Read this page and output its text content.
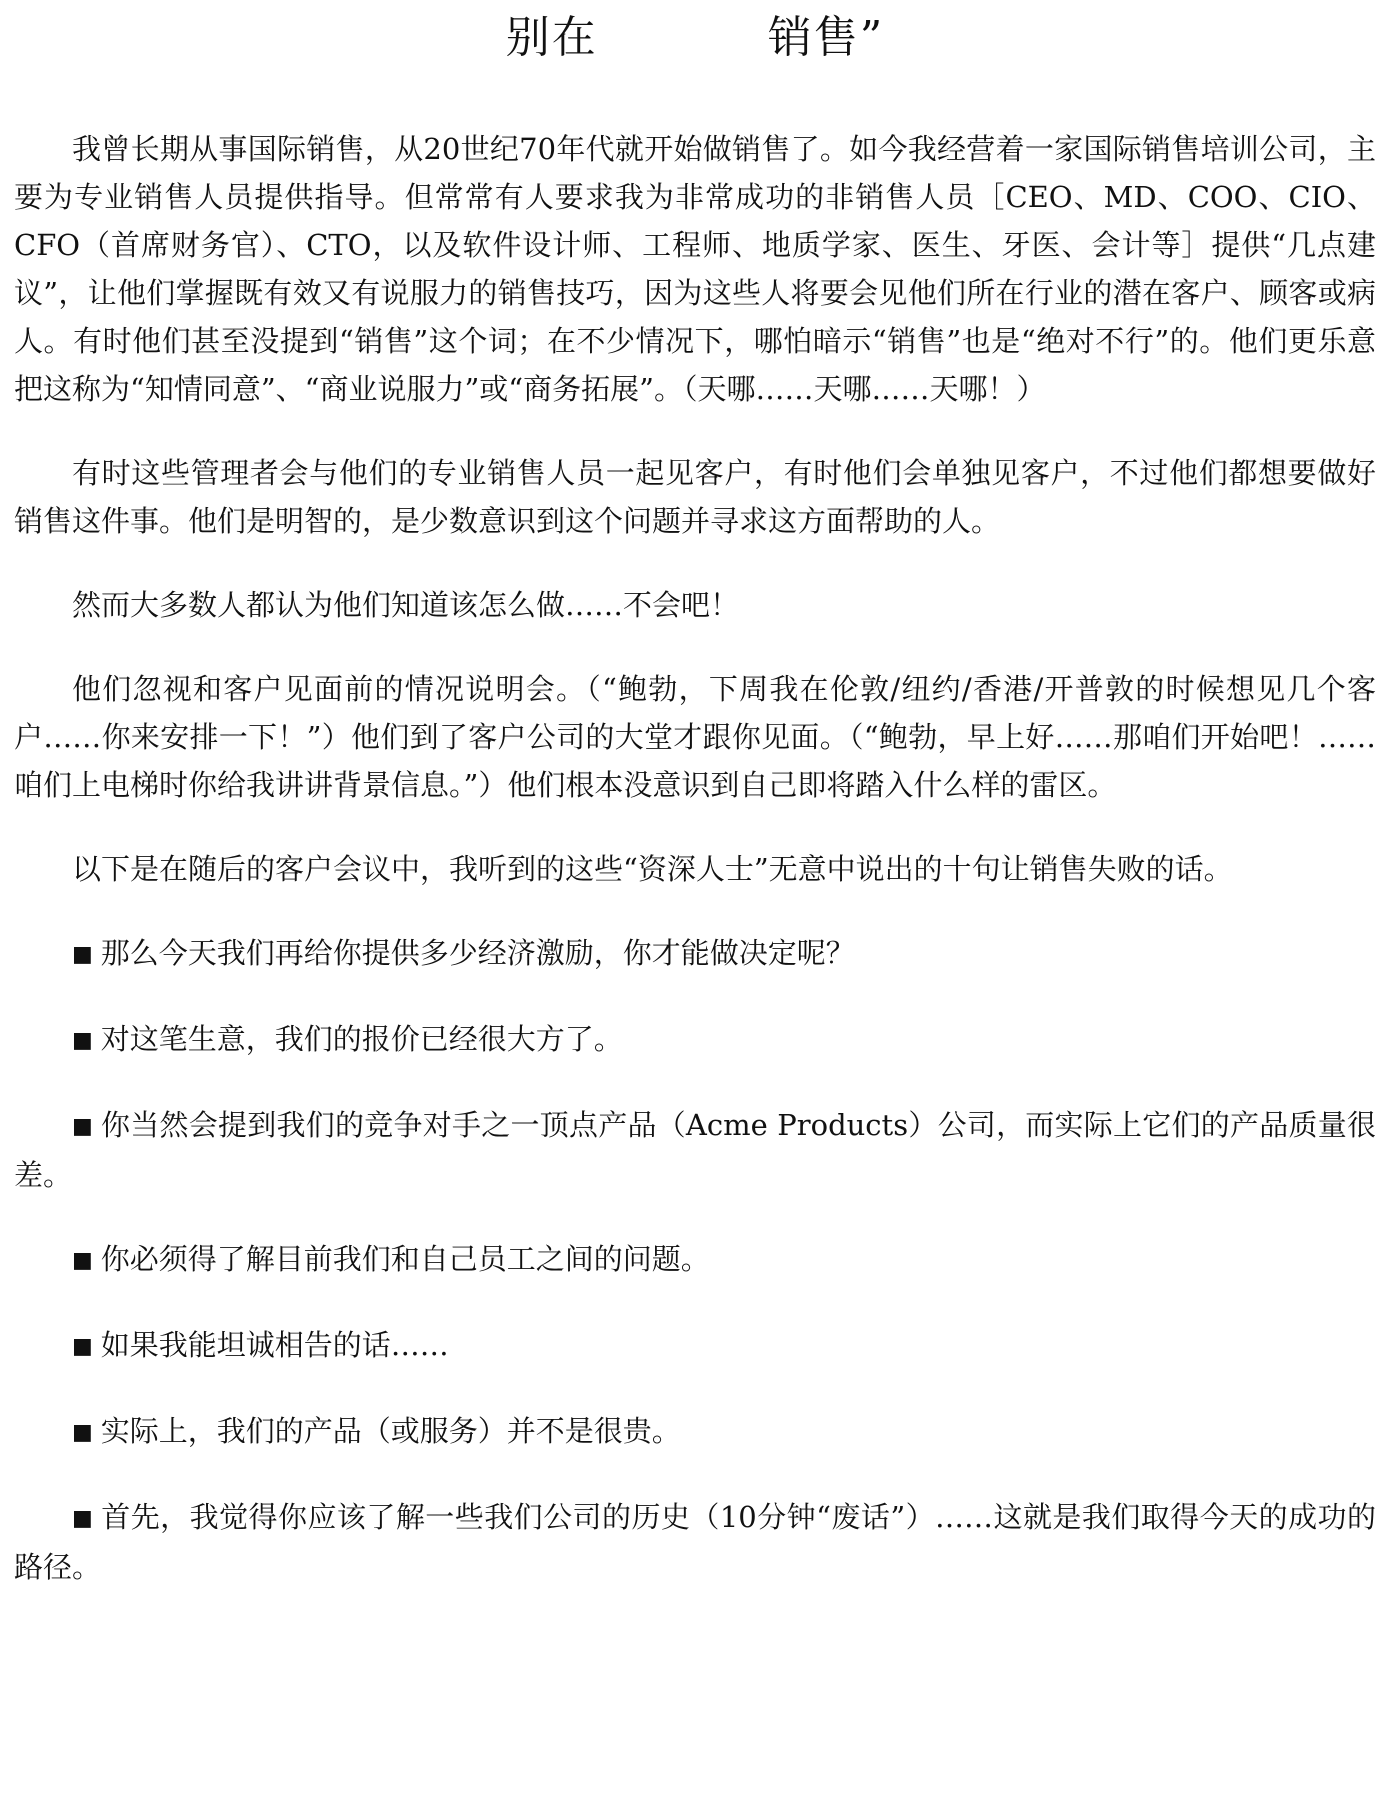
别在	销售”

我曾长期从事国际销售，从20世纪70年代就开始做销售了。如今我经营着一家国际销售培训公司，主要为专业销售人员提供指导。但常常有人要求我为非常成功的非销售人员［CEO、MD、COO、CIO、CFO（首席财务官）、CTO，以及软件设计师、工程师、地质学家、医生、牙医、会计等］提供“几点建议”，让他们掌握既有效又有说服力的销售技巧，因为这些人将要会见他们所在行业的潜在客户、顾客或病人。有时他们甚至没提到“销售”这个词；在不少情况下，哪怕暗示“销售”也是“绝对不行”的。他们更乐意把这称为“知情同意”、“商业说服力”或“商务拓展”。（天哪……天哪……天哪！）

有时这些管理者会与他们的专业销售人员一起见客户，有时他们会单独见客户，不过他们都想要做好销售这件事。他们是明智的，是少数意识到这个问题并寻求这方面帮助的人。

然而大多数人都认为他们知道该怎么做……不会吧！

他们忽视和客户见面前的情况说明会。（“鲍勃，下周我在伦敦/纽约/香港/开普敦的时候想见几个客户……你来安排一下！”）他们到了客户公司的大堂才跟你见面。（“鲍勃，早上好……那咱们开始吧！……咱们上电梯时你给我讲讲背景信息。”）他们根本没意识到自己即将踏入什么样的雷区。

以下是在随后的客户会议中，我听到的这些“资深人士”无意中说出的十句让销售失败的话。

■ 那么今天我们再给你提供多少经济激励，你才能做决定呢？

■ 对这笔生意，我们的报价已经很大方了。

■ 你当然会提到我们的竞争对手之一顶点产品（Acme Products）公司，而实际上它们的产品质量很差。

■ 你必须得了解目前我们和自己员工之间的问题。

■ 如果我能坦诚相告的话……

■ 实际上，我们的产品（或服务）并不是很贵。

■ 首先，我觉得你应该了解一些我们公司的历史（10分钟“废话”）……这就是我们取得今天的成功的路径。
